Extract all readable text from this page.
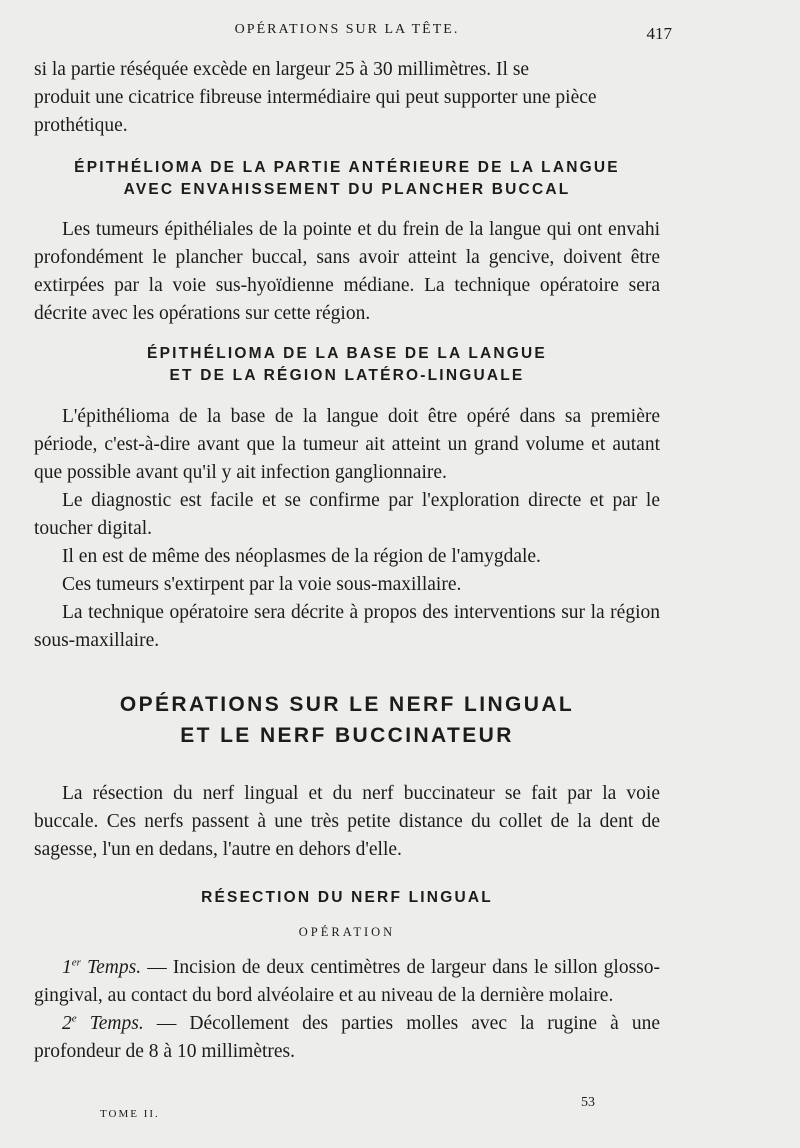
OPÉRATIONS SUR LA TÊTE.	417

si la partie réséquée excède en largeur 25 à 30 millimètres. Il se

produit une cicatrice fibreuse intermédiaire qui peut supporter une pièce

prothétique.

ÉPITHÉLIOMA DE LA PARTIE ANTÉRIEURE DE LA LANGUE
AVEC ENVAHISSEMENT DU PLANCHER BUCCAL

Les tumeurs épithéliales de la pointe et du frein de la langue qui ont envahi profondément le plancher buccal, sans avoir atteint la gencive, doivent être extirpées par la voie sus-hyoïdienne médiane. La technique opératoire sera décrite avec les opérations sur cette région.

ÉPITHÉLIOMA DE LA BASE DE LA LANGUE
ET DE LA RÉGION LATÉRO-LINGUALE

L'épithélioma de la base de la langue doit être opéré dans sa première période, c'est-à-dire avant que la tumeur ait atteint un grand volume et autant que possible avant qu'il y ait infection ganglionnaire.

Le diagnostic est facile et se confirme par l'exploration directe et par le toucher digital.

Il en est de même des néoplasmes de la région de l'amygdale.

Ces tumeurs s'extirpent par la voie sous-maxillaire.

La technique opératoire sera décrite à propos des interventions sur la région sous-maxillaire.

OPÉRATIONS SUR LE NERF LINGUAL
ET LE NERF BUCCINATEUR

La résection du nerf lingual et du nerf buccinateur se fait par la voie buccale. Ces nerfs passent à une très petite distance du collet de la dent de sagesse, l'un en dedans, l'autre en dehors d'elle.

RÉSECTION DU NERF LINGUAL
OPÉRATION

1er Temps. — Incision de deux centimètres de largeur dans le sillon glosso-gingival, au contact du bord alvéolaire et au niveau de la dernière molaire.

2e Temps. — Décollement des parties molles avec la rugine à une profondeur de 8 à 10 millimètres.

TOME II.
53
